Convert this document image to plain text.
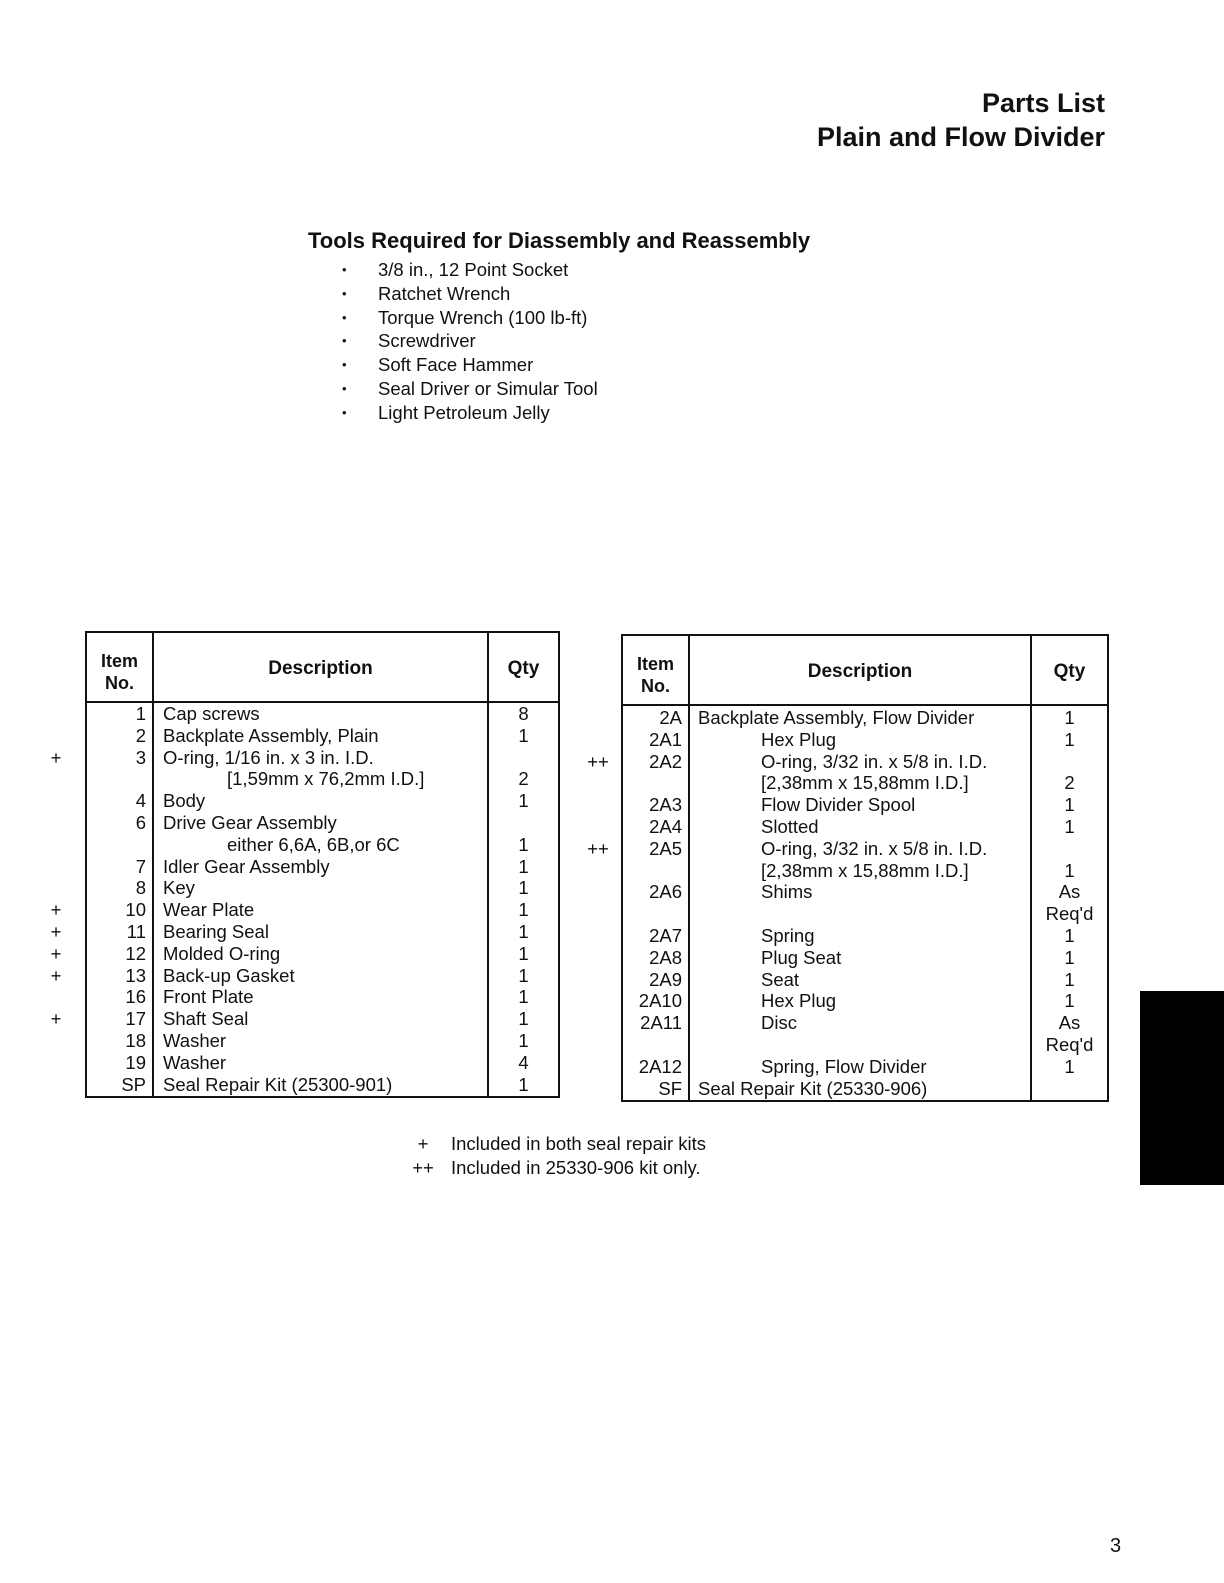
Parts List
Plain and Flow Divider
Tools Required for Diassembly and Reassembly
• 3/8 in., 12 Point Socket
• Ratchet Wrench
• Torque Wrench (100 lb-ft)
• Screwdriver
• Soft Face Hammer
• Seal Driver or Simular Tool
• Light Petroleum Jelly
Item
No.
Description	Qty
1 Cap screws	8
2 Backplate Assembly, Plain	1
+	3 O-ring, 1/16 in. x 3 in. I.D.
[1,59mm x 76,2mm I.D.]	2
4 Body	1
6 Drive Gear Assembly
either 6,6A, 6B,or 6C	1
7 Idler Gear Assembly	1
8 Key	1
+	10 Wear Plate	1
+	11 Bearing Seal	1
+	12 Molded O-ring	1
+	13 Back-up Gasket	1
16 Front Plate	1
+	17 Shaft Seal	1
18 Washer	1
19 Washer	4
SP Seal Repair Kit (25300-901)	1
Item
No.
Description	Qty
2A Backplate Assembly, Flow Divider	1
2A1	Hex Plug	1
++	2A2	O-ring, 3/32 in. x 5/8 in. I.D.
[2,38mm x 15,88mm I.D.]	2
2A3	Flow Divider Spool	1
2A4	Slotted	1
++	2A5	O-ring, 3/32 in. x 5/8 in. I.D.
[2,38mm x 15,88mm I.D.]	1
2A6	Shims	As
Req'd
2A7	Spring	1
2A8	Plug Seat	1
2A9	Seat	1
2A10	Hex Plug	1
2A11	Disc	As
Req'd
2A12	Spring, Flow Divider	1
SF Seal Repair Kit (25330-906)
+	Included in both seal repair kits
++ Included in 25330-906 kit only.
3
